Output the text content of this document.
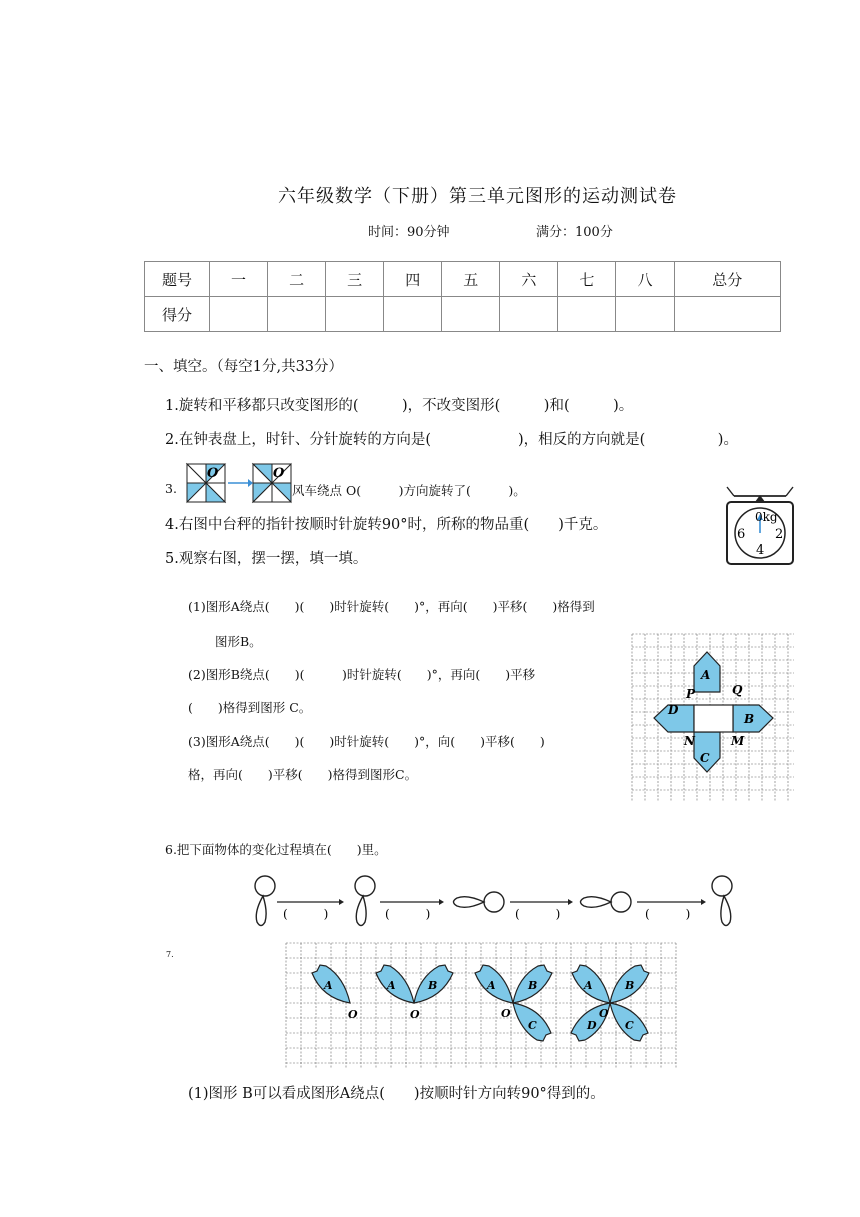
六年级数学（下册）第三单元图形的运动测试卷
时间：90分钟	满分：100分
题号	一	二	三	四	五	六	七	八	总分
得分									
一、填空。（每空1分,共33分）
1.旋转和平移都只改变图形的(　　　)，不改变图形(　　　)和(　　　)。
2.在钟表盘上，时针、分针旋转的方向是(　　　　　　)，相反的方向就是(　　　　　)。
3.
O	O
风车绕点 O(　　　)方向旋转了(　　　)。
4.右图中台秤的指针按顺时针旋转90°时，所称的物品重(　　)千克。
5.观察右图，摆一摆，填一填。
0kg
6 2
4
(1)图形A绕点(　　)(　　)时针旋转(　　)°，再向(　　)平移(　　)格得到
图形B。
(2)图形B绕点(　　)(　　　)时针旋转(　　)°，再向(　　)平移
(　　)格得到图形 C。
(3)图形A绕点(　　)(　　)时针旋转(　　)°，向(　　)平移(　　)
格，再向(　　)平移(　　)格得到图形C。
A
B
C
D
P	Q
M
N
6.把下面物体的变化过程填在(　　)里。
(　　　)	(　　　)	(　　　)	(　　　)
7.
A
O
A	B
O
A	B
C
O
A	B
C
D
O
(1)图形 B可以看成图形A绕点(　　)按顺时针方向转90°得到的。
